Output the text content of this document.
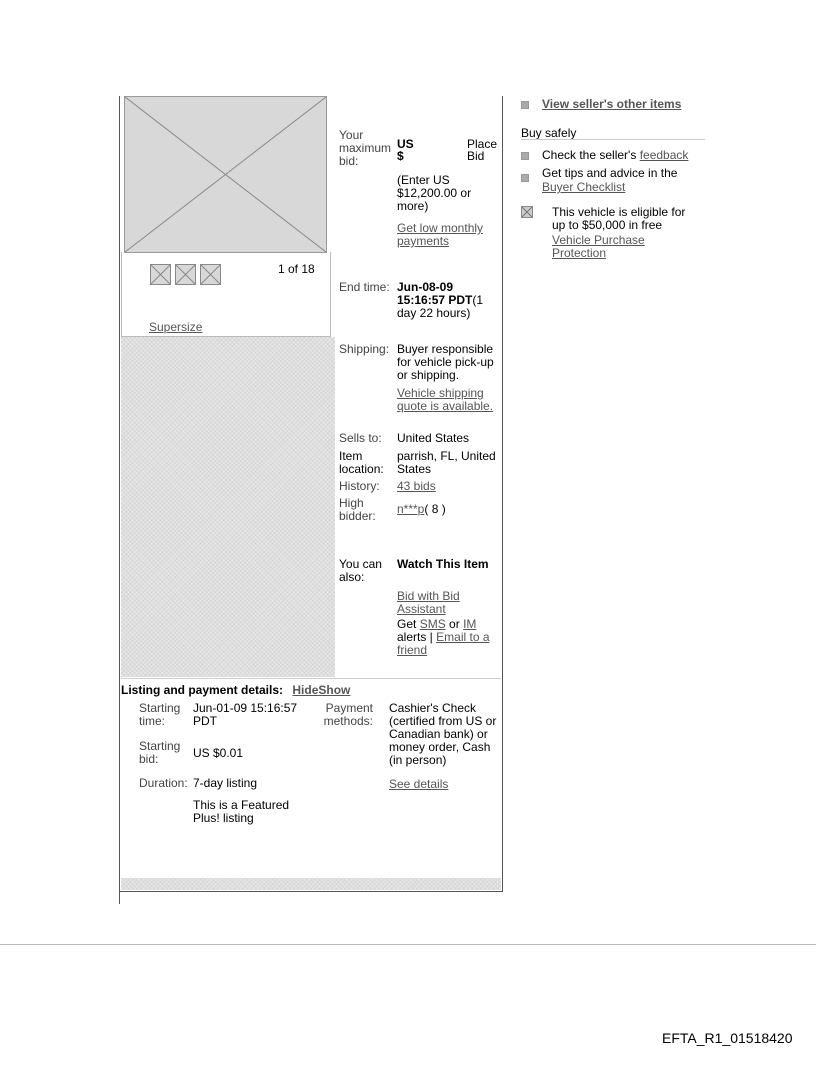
1 of 18
Supersize
Your maximum bid:
US
$
Place
Bid
(Enter US $12,200.00 or more)
Get low monthly payments
End time: Jun-08-09 15:16:57 PDT(1 day 22 hours)
Shipping: Buyer responsible for vehicle pick-up or shipping.
Vehicle shipping quote is available.
Sells to: United States
Item location:
parrish, FL, United States
History: 43 bids
High bidder: n***p( 8 )
You can also:
Watch This Item
Bid with Bid Assistant
Get SMS or IM
alerts | Email to a friend
Listing and payment details: HideShow
Starting time:
Jun-01-09 15:16:57 PDT
Starting bid:	US $0.01
Duration: 7-day listing
This is a Featured Plus! listing
Payment methods:
Cashier's Check (certified from US or Canadian bank) or money order, Cash (in person)
See details
View seller's other items
Buy safely
Check the seller's feedback
Get tips and advice in the
Buyer Checklist
This vehicle is eligible for up to $50,000 in free
Vehicle Purchase Protection
EFTA_R1_01518420
